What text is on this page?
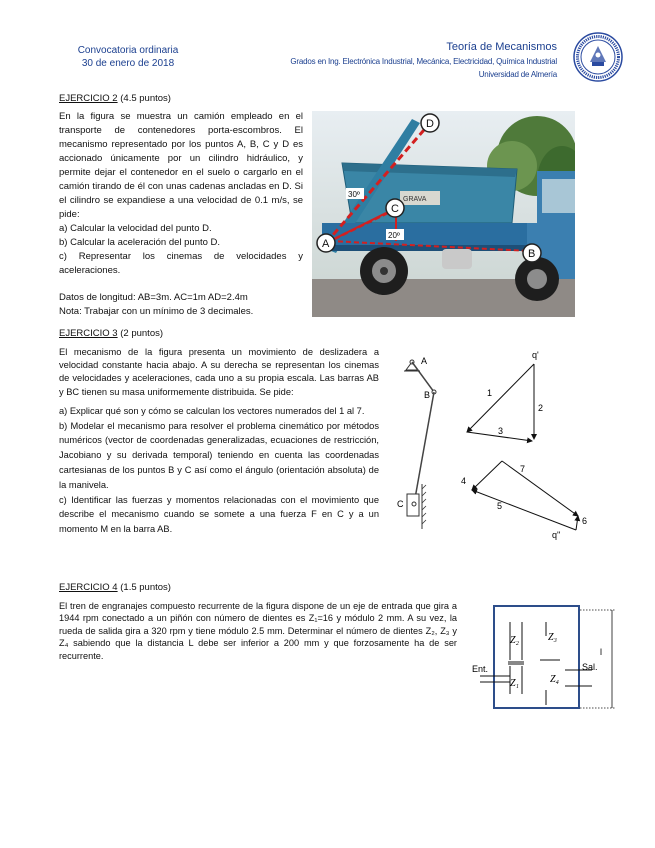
Convocatoria ordinaria
30 de enero de 2018
Teoría de Mecanismos
Grados en Ing. Electrónica Industrial, Mecánica, Electricidad, Química Industrial
Universidad de Almería
EJERCICIO 2 (4.5 puntos)

En la figura se muestra un camión empleado en el transporte de contenedores porta-escombros. El mecanismo representado por los puntos A, B, C y D es accionado únicamente por un cilindro hidráulico, y permite dejar el contenedor en el suelo o cargarlo en el camión tirando de él con unas cadenas ancladas en D. Si el cilindro se expandiese a una velocidad de 0.1 m/s, se pide:

a) Calcular la velocidad del punto D.

b) Calcular la aceleración del punto D.

c) Representar los cinemas de velocidades y aceleraciones.

Datos de longitud: AB=3m. AC=1m AD=2.4m

Nota: Trabajar con un mínimo de 3 decimales.

GRAVA
30º
20º
D
C
A
B
EJERCICIO 3 (2 puntos)

El mecanismo de la figura presenta un movimiento de deslizadera a velocidad constante hacia abajo. A su derecha se representan los cinemas de velocidades y aceleraciones, cada uno a su propia escala. Las barras AB y BC tienen su masa uniformemente distribuida. Se pide:

a) Explicar qué son y cómo se calculan los vectores numerados del 1 al 7.

b) Modelar el mecanismo para resolver el problema cinemático por métodos numéricos (vector de coordenadas generalizadas, ecuaciones de restricción, Jacobiano y su derivada temporal) teniendo en cuenta las coordenadas cartesianas de los puntos B y C así como el ángulo (orientación absoluta) de la manivela.

c) Identificar las fuerzas y momentos relacionadas con el movimiento que describe el mecanismo cuando se somete a una fuerza F en C y a un momento M en la barra AB.

A
B
C
q'
1
2
3
7
4
5
6
q''
EJERCICIO 4 (1.5 puntos)

El tren de engranajes compuesto recurrente de la figura dispone de un eje de entrada que gira a 1944 rpm conectado a un piñón con número de dientes es Z₁=16 y módulo 2 mm. A su vez, la rueda de salida gira a 320 rpm y tiene módulo 2.5 mm. Determinar el número de dientes Z₂, Z₃ y Z₄ sabiendo que la distancia L debe ser inferior a 200 mm y que forzosamente ha de ser recurrente.

Z₂	Z₃
Z₁	Z₄
Ent.	Sal.
l
